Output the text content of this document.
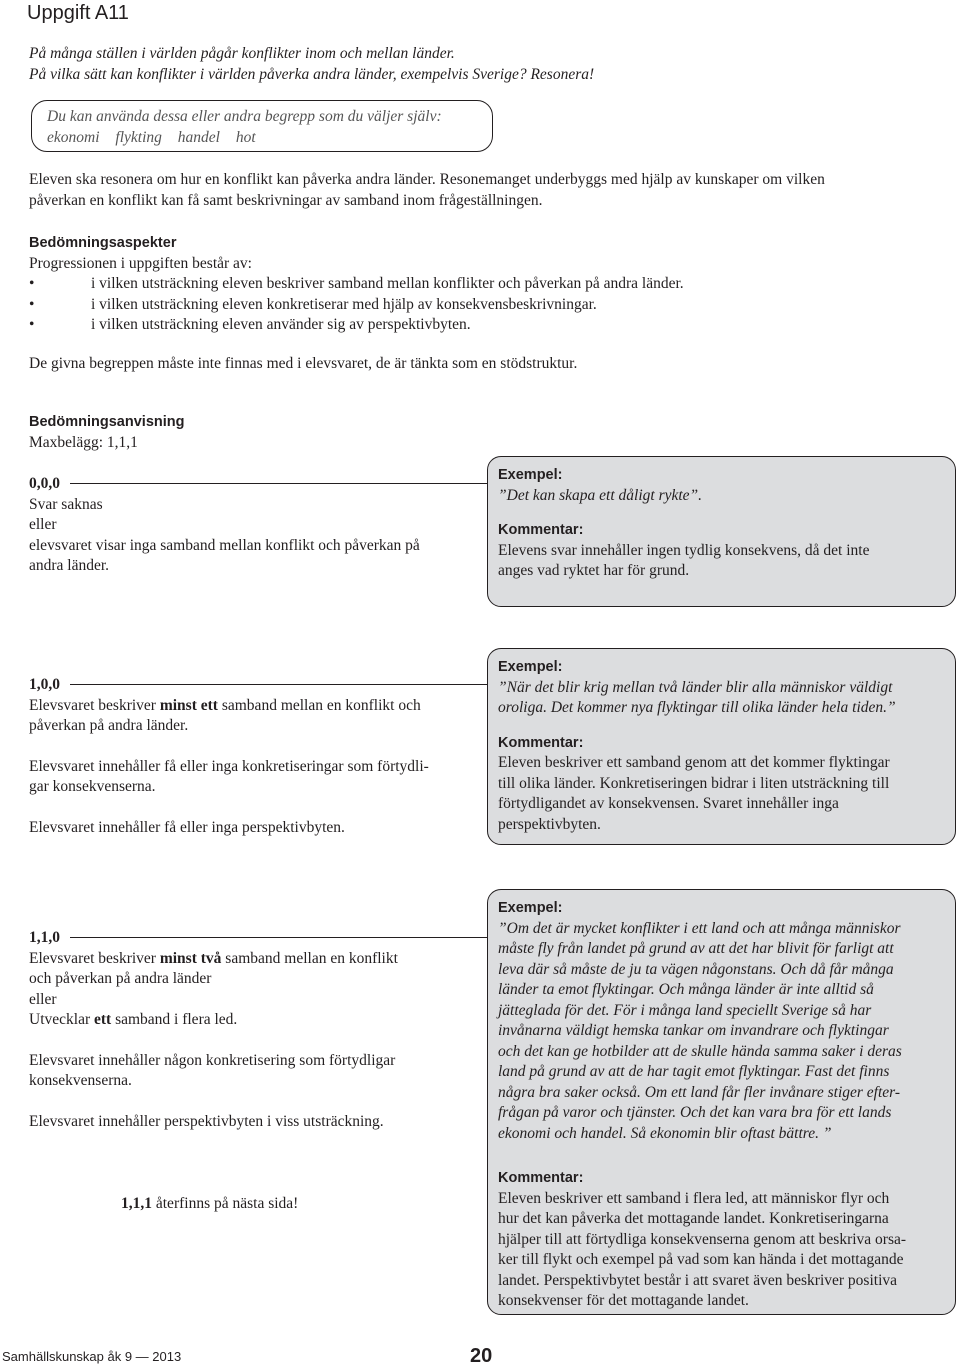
Uppgift A11
På många ställen i världen pågår konflikter inom och mellan länder.
På vilka sätt kan konflikter i världen påverka andra länder, exempelvis Sverige? Resonera!
Du kan använda dessa eller andra begrepp som du väljer själv:
ekonomi flykting handel hot
Eleven ska resonera om hur en konflikt kan påverka andra länder. Resonemanget underbyggs med hjälp av kunskaper om vilken
påverkan en konflikt kan få samt beskrivningar av samband inom frågeställningen.
Bedömningsaspekter
Progressionen i uppgiften består av:
•	i vilken utsträckning eleven beskriver samband mellan konflikter och påverkan på andra länder.
•	i vilken utsträckning eleven konkretiserar med hjälp av konsekvensbeskrivningar.
•	i vilken utsträckning eleven använder sig av perspektivbyten.
De givna begreppen måste inte finnas med i elevsvaret, de är tänkta som en stödstruktur.
Bedömningsanvisning
Maxbelägg: 1,1,1
0,0,0
Svar saknas
eller
elevsvaret visar inga samband mellan konflikt och påverkan på
andra länder.
Exempel:
”Det kan skapa ett dåligt rykte”.
Kommentar:
Elevens svar innehåller ingen tydlig konsekvens, då det inte
anges vad ryktet har för grund.
1,0,0
Elevsvaret beskriver minst ett samband mellan en konflikt och
påverkan på andra länder.
Elevsvaret innehåller få eller inga konkretiseringar som förtydli-
gar konsekvenserna.
Elevsvaret innehåller få eller inga perspektivbyten.
Exempel:
”När det blir krig mellan två länder blir alla människor väldigt
oroliga. Det kommer nya flyktingar till olika länder hela tiden.”
Kommentar:
Eleven beskriver ett samband genom att det kommer flyktingar
till olika länder. Konkretiseringen bidrar i liten utsträckning till
förtydligandet av konsekvensen. Svaret innehåller inga
perspektivbyten.
1,1,0
Elevsvaret beskriver minst två samband mellan en konflikt
och påverkan på andra länder
eller
Utvecklar ett samband i flera led.
Elevsvaret innehåller någon konkretisering som förtydligar
konsekvenserna.
Elevsvaret innehåller perspektivbyten i viss utsträckning.
1,1,1 återfinns på nästa sida!
Exempel:
”Om det är mycket konflikter i ett land och att många människor
måste fly från landet på grund av att det har blivit för farligt att
leva där så måste de ju ta vägen någonstans. Och då får många
länder ta emot flyktingar. Och många länder är inte alltid så
jätteglada för det. För i många land speciellt Sverige så har
invånarna väldigt hemska tankar om invandrare och flyktingar
och det kan ge hotbilder att de skulle hända samma saker i deras
land på grund av att de har tagit emot flyktingar. Fast det finns
några bra saker också. Om ett land får fler invånare stiger efter-
frågan på varor och tjänster. Och det kan vara bra för ett lands
ekonomi och handel. Så ekonomin blir oftast bättre. ”
Kommentar:
Eleven beskriver ett samband i flera led, att människor flyr och
hur det kan påverka det mottagande landet. Konkretiseringarna
hjälper till att förtydliga konsekvenserna genom att beskriva orsa-
ker till flykt och exempel på vad som kan hända i det mottagande
landet. Perspektivbytet består i att svaret även beskriver positiva
konsekvenser för det mottagande landet.
Samhällskunskap åk 9 — 2013	20
